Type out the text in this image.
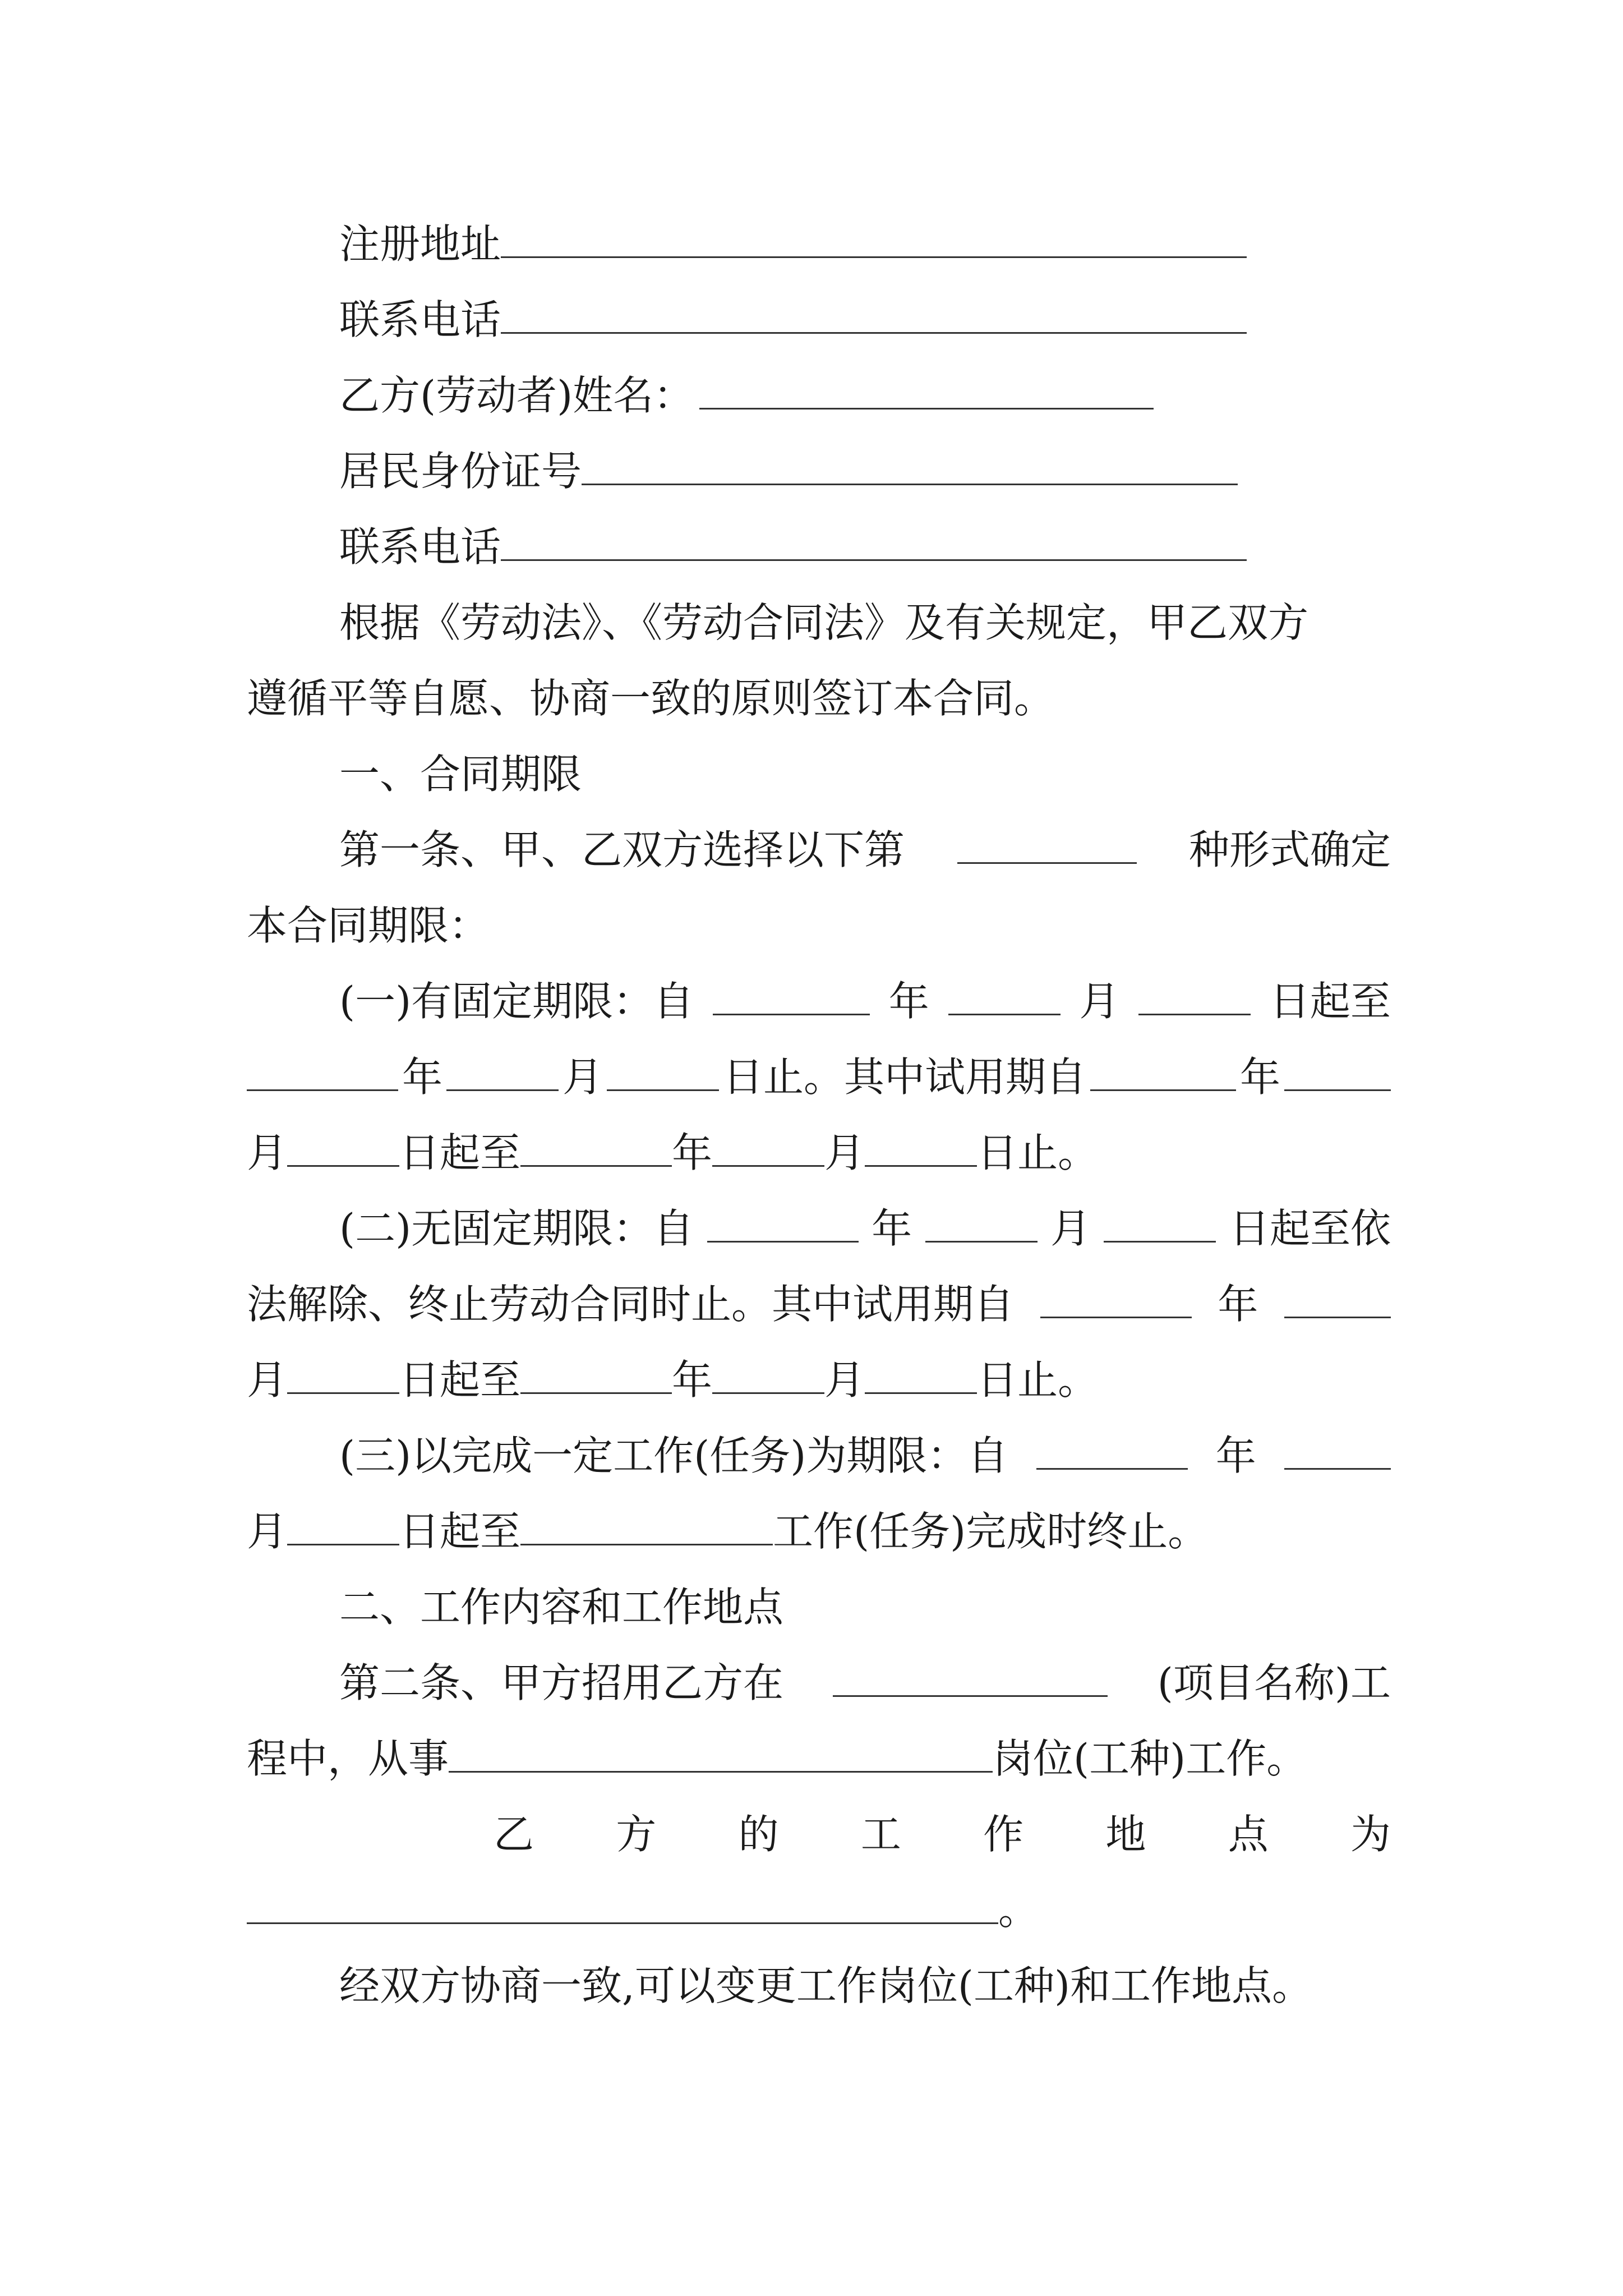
注册地址
联系电话
乙方(劳动者)姓名：
居民身份证号
联系电话
根据《劳动法》、《劳动合同法》及有关规定，甲乙双方
遵循平等自愿、协商一致的原则签订本合同。
一、合同期限
第一条、甲、乙双方选择以下第	种形式确定
本合同期限：
(一)有固定期限：自	年	月	日起至
年	月	日止。其中试用期自	年
月	日起至	年	月	日止。
(二)无固定期限：自	年	月	日起至依
法解除、终止劳动合同时止。其中试用期自	年
月	日起至	年	月	日止。
(三)以完成一定工作(任务)为期限：自	年
月	日起至	工作(任务)完成时终止。
二、工作内容和工作地点
第二条、甲方招用乙方在	(项目名称)工
程中，从事	岗位(工种)工作。
乙 方 的 工 作 地 点 为
。
经双方协商一致,可以变更工作岗位(工种)和工作地点。
